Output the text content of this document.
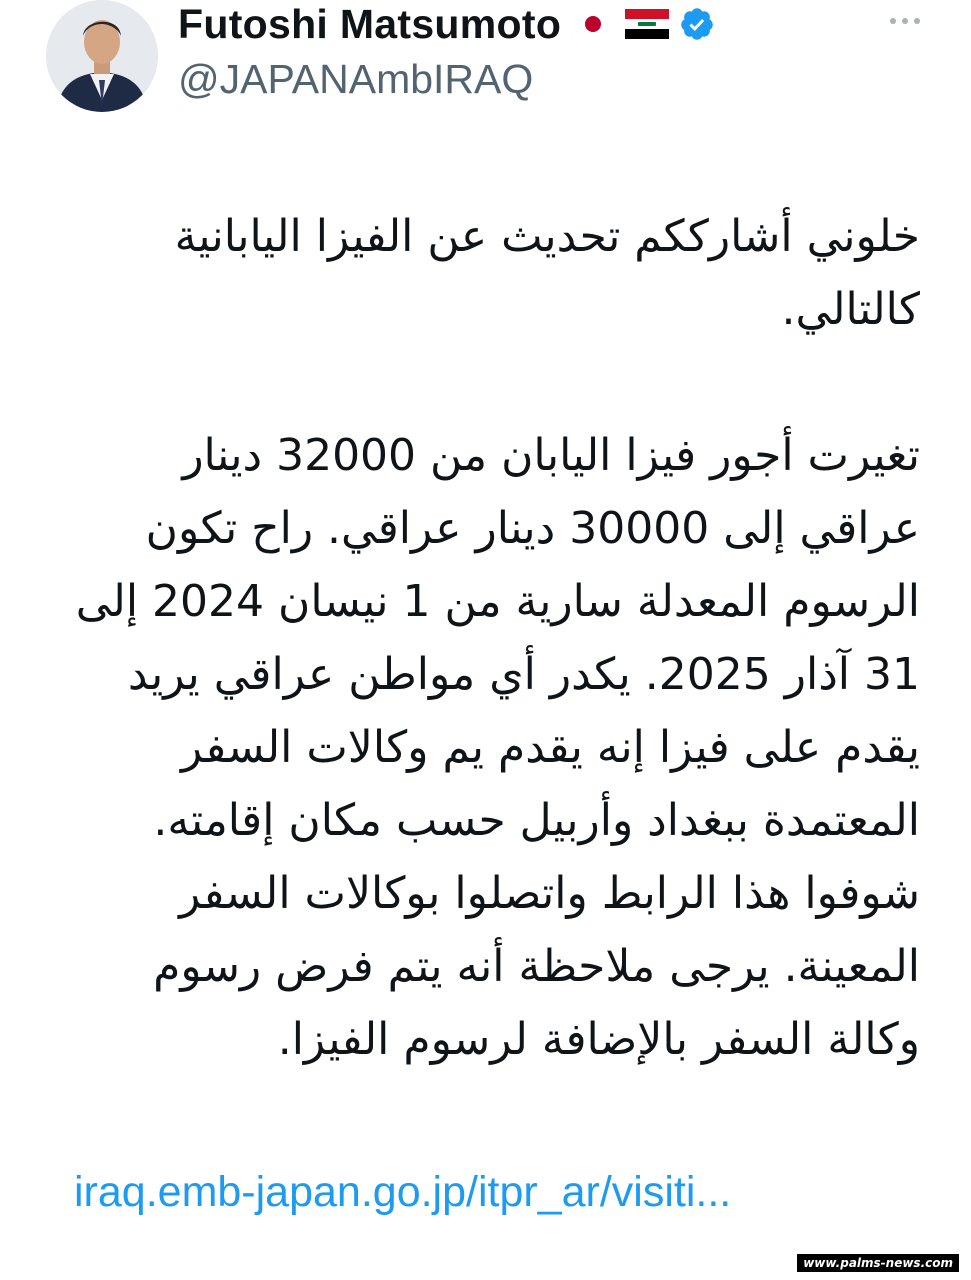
Futoshi Matsumoto
@JAPANAmbIRAQ

خلوني أشارككم تحديث عن الفيزا اليابانية كالتالي.

تغيرت أجور فيزا اليابان من 32000 دينار عراقي إلى 30000 دينار عراقي. راح تكون الرسوم المعدلة سارية من 1 نيسان 2024 إلى 31 آذار 2025. يكدر أي مواطن عراقي يريد يقدم على فيزا إنه يقدم يم وكالات السفر المعتمدة ببغداد وأربيل حسب مكان إقامته. شوفوا هذا الرابط واتصلوا بوكالات السفر المعينة. يرجى ملاحظة أنه يتم فرض رسوم وكالة السفر بالإضافة لرسوم الفيزا.

iraq.emb-japan.go.jp/itpr_ar/visiti...
www.palms-news.com
